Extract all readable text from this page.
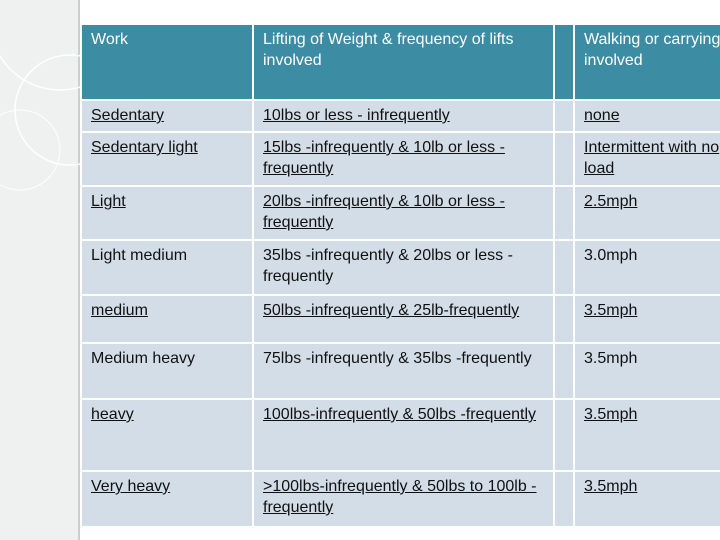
Work	Lifting of Weight & frequency of lifts involved		Walking or carrying involved
Sedentary	10lbs or less - infrequently		none
Sedentary light	15lbs -infrequently & 10lb or less -frequently		Intermittent with no load
Light	20lbs -infrequently & 10lb or less - frequently		2.5mph
Light medium	35lbs -infrequently & 20lbs or less -frequently		3.0mph
medium	50lbs -infrequently & 25lb-frequently		3.5mph
Medium heavy	75lbs -infrequently & 35lbs -frequently		3.5mph
heavy	100lbs-infrequently & 50lbs -frequently		3.5mph
Very heavy	>100lbs-infrequently & 50lbs to 100lb -frequently		3.5mph
